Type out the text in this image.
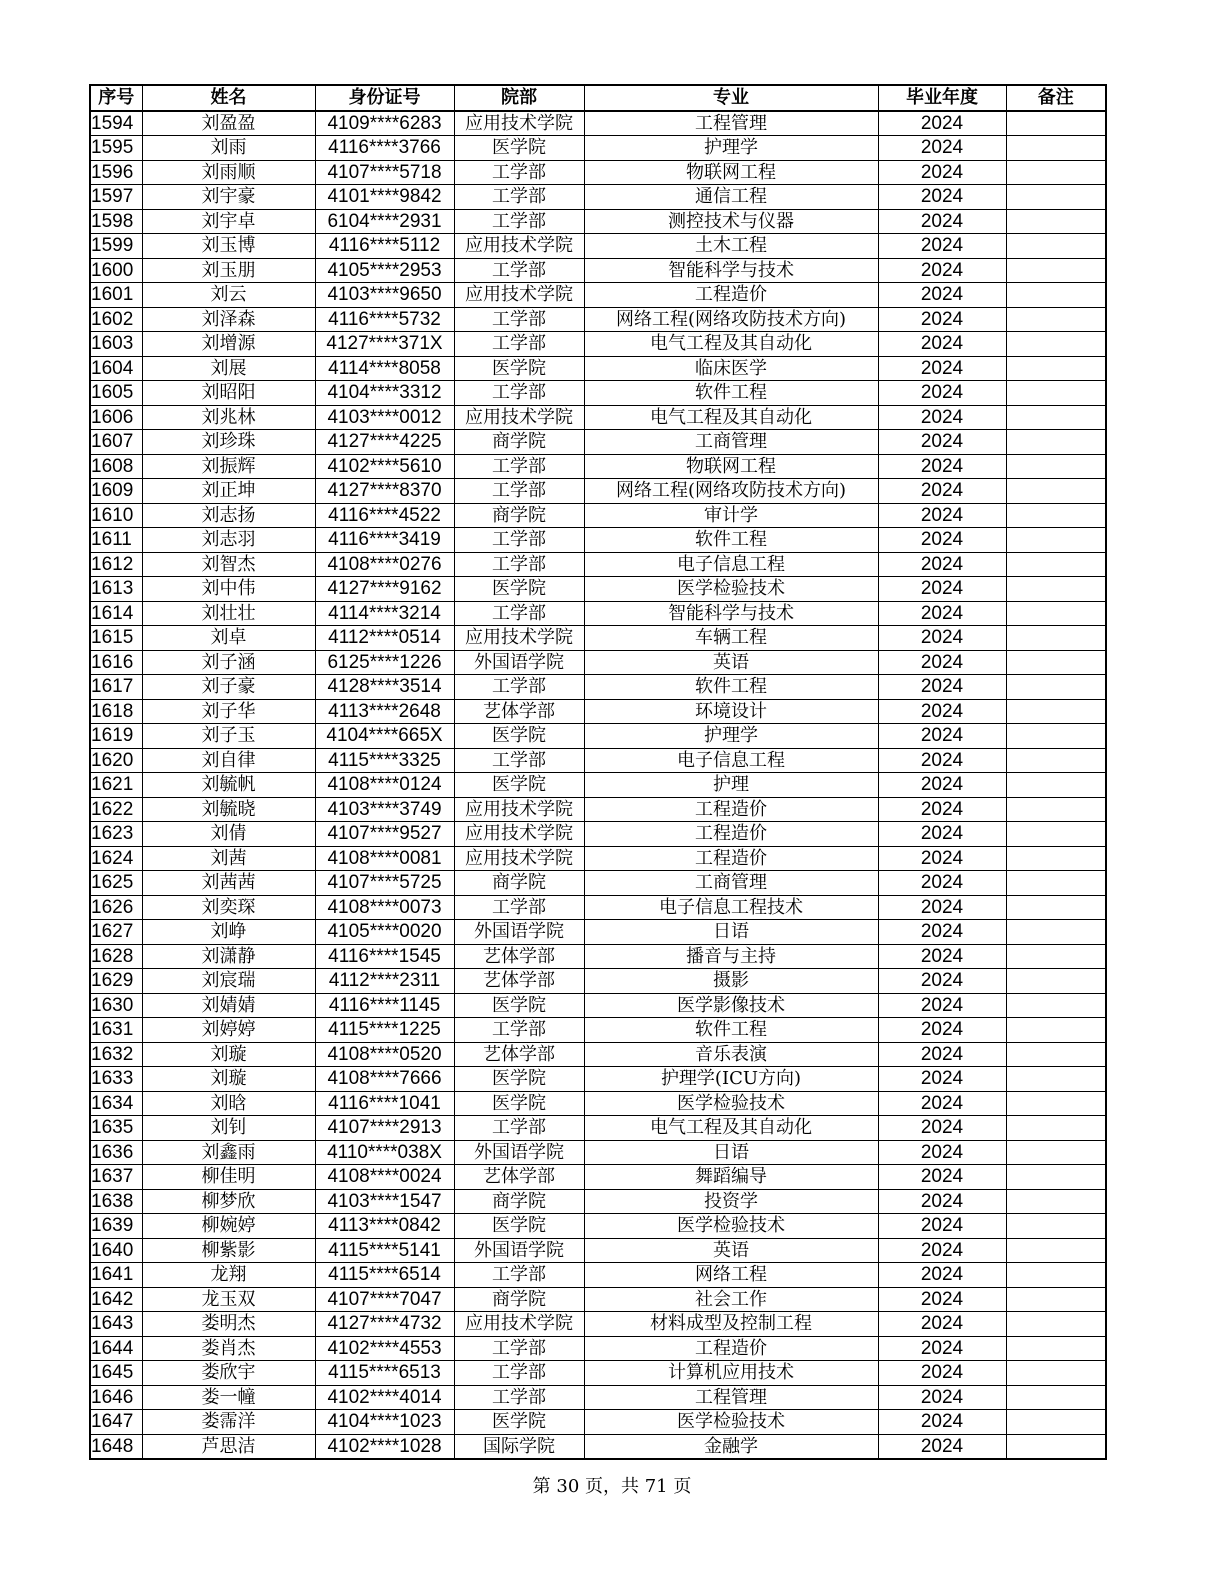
序号	姓名	身份证号	院部	专业	毕业年度	备注
1594	刘盈盈	4109****6283	应用技术学院	工程管理	2024	
1595	刘雨	4116****3766	医学院	护理学	2024	
1596	刘雨顺	4107****5718	工学部	物联网工程	2024	
1597	刘宇豪	4101****9842	工学部	通信工程	2024	
1598	刘宇卓	6104****2931	工学部	测控技术与仪器	2024	
1599	刘玉博	4116****5112	应用技术学院	土木工程	2024	
1600	刘玉朋	4105****2953	工学部	智能科学与技术	2024	
1601	刘云	4103****9650	应用技术学院	工程造价	2024	
1602	刘泽森	4116****5732	工学部	网络工程(网络攻防技术方向)	2024	
1603	刘增源	4127****371X	工学部	电气工程及其自动化	2024	
1604	刘展	4114****8058	医学院	临床医学	2024	
1605	刘昭阳	4104****3312	工学部	软件工程	2024	
1606	刘兆林	4103****0012	应用技术学院	电气工程及其自动化	2024	
1607	刘珍珠	4127****4225	商学院	工商管理	2024	
1608	刘振辉	4102****5610	工学部	物联网工程	2024	
1609	刘正坤	4127****8370	工学部	网络工程(网络攻防技术方向)	2024	
1610	刘志扬	4116****4522	商学院	审计学	2024	
1611	刘志羽	4116****3419	工学部	软件工程	2024	
1612	刘智杰	4108****0276	工学部	电子信息工程	2024	
1613	刘中伟	4127****9162	医学院	医学检验技术	2024	
1614	刘壮壮	4114****3214	工学部	智能科学与技术	2024	
1615	刘卓	4112****0514	应用技术学院	车辆工程	2024	
1616	刘子涵	6125****1226	外国语学院	英语	2024	
1617	刘子豪	4128****3514	工学部	软件工程	2024	
1618	刘子华	4113****2648	艺体学部	环境设计	2024	
1619	刘子玉	4104****665X	医学院	护理学	2024	
1620	刘自律	4115****3325	工学部	电子信息工程	2024	
1621	刘毓帆	4108****0124	医学院	护理	2024	
1622	刘毓晓	4103****3749	应用技术学院	工程造价	2024	
1623	刘倩	4107****9527	应用技术学院	工程造价	2024	
1624	刘茜	4108****0081	应用技术学院	工程造价	2024	
1625	刘茜茜	4107****5725	商学院	工商管理	2024	
1626	刘奕琛	4108****0073	工学部	电子信息工程技术	2024	
1627	刘峥	4105****0020	外国语学院	日语	2024	
1628	刘潇静	4116****1545	艺体学部	播音与主持	2024	
1629	刘宸瑞	4112****2311	艺体学部	摄影	2024	
1630	刘婧婧	4116****1145	医学院	医学影像技术	2024	
1631	刘婷婷	4115****1225	工学部	软件工程	2024	
1632	刘璇	4108****0520	艺体学部	音乐表演	2024	
1633	刘璇	4108****7666	医学院	护理学(ICU方向)	2024	
1634	刘晗	4116****1041	医学院	医学检验技术	2024	
1635	刘钊	4107****2913	工学部	电气工程及其自动化	2024	
1636	刘鑫雨	4110****038X	外国语学院	日语	2024	
1637	柳佳明	4108****0024	艺体学部	舞蹈编导	2024	
1638	柳梦欣	4103****1547	商学院	投资学	2024	
1639	柳婉婷	4113****0842	医学院	医学检验技术	2024	
1640	柳紫影	4115****5141	外国语学院	英语	2024	
1641	龙翔	4115****6514	工学部	网络工程	2024	
1642	龙玉双	4107****7047	商学院	社会工作	2024	
1643	娄明杰	4127****4732	应用技术学院	材料成型及控制工程	2024	
1644	娄肖杰	4102****4553	工学部	工程造价	2024	
1645	娄欣宇	4115****6513	工学部	计算机应用技术	2024	
1646	娄一幢	4102****4014	工学部	工程管理	2024	
1647	娄霈洋	4104****1023	医学院	医学检验技术	2024	
1648	芦思洁	4102****1028	国际学院	金融学	2024	
第 30 页，共 71 页
